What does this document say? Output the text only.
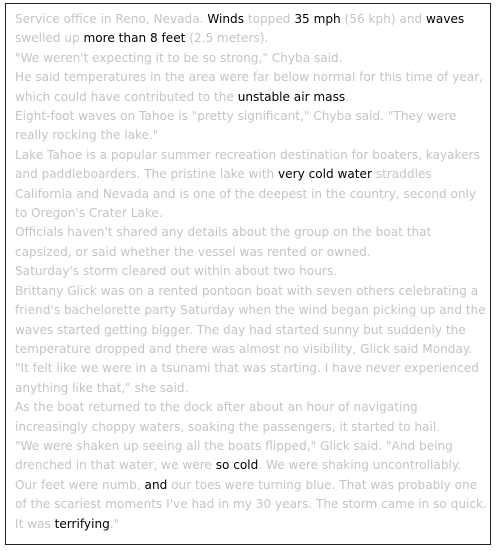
Service office in Reno, Nevada. Winds topped 35 mph (56 kph) and waves swelled up more than 8 feet (2.5 meters).

"We weren't expecting it to be so strong," Chyba said.

He said temperatures in the area were far below normal for this time of year, which could have contributed to the unstable air mass.

Eight-foot waves on Tahoe is "pretty significant," Chyba said. "They were really rocking the lake."

Lake Tahoe is a popular summer recreation destination for boaters, kayakers and paddleboarders. The pristine lake with very cold water straddles California and Nevada and is one of the deepest in the country, second only to Oregon's Crater Lake.

Officials haven't shared any details about the group on the boat that capsized, or said whether the vessel was rented or owned.

Saturday's storm cleared out within about two hours.

Brittany Glick was on a rented pontoon boat with seven others celebrating a friend's bachelorette party Saturday when the wind began picking up and the waves started getting bigger. The day had started sunny but suddenly the temperature dropped and there was almost no visibility, Glick said Monday.

"It felt like we were in a tsunami that was starting. I have never experienced anything like that," she said.

As the boat returned to the dock after about an hour of navigating increasingly choppy waters, soaking the passengers, it started to hail.

"We were shaken up seeing all the boats flipped," Glick said. "And being drenched in that water, we were so cold. We were shaking uncontrollably. Our feet were numb, and our toes were turning blue. That was probably one of the scariest moments I've had in my 30 years. The storm came in so quick. It was terrifying."
